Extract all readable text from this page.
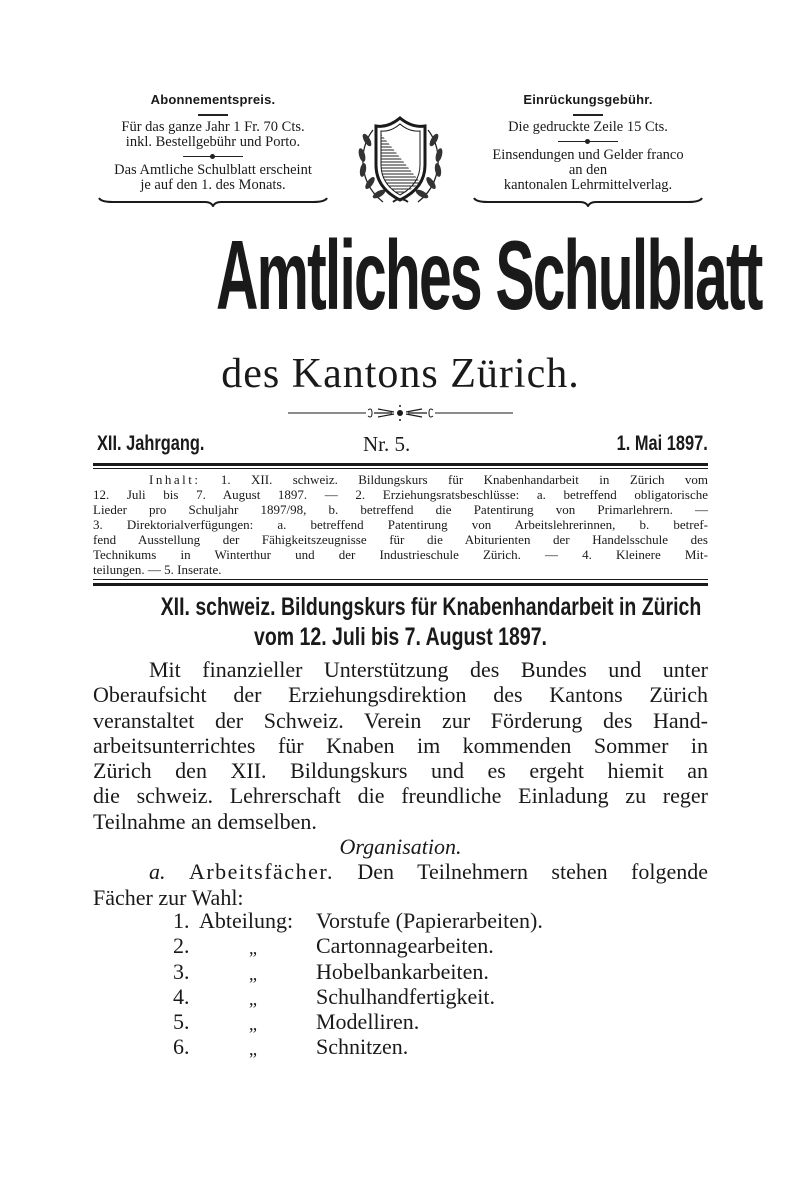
Abonnementspreis.
Für das ganze Jahr 1 Fr. 70 Cts.
inkl. Bestellgebühr und Porto.
Das Amtliche Schulblatt erscheint
je auf den 1. des Monats.
Einrückungsgebühr.
Die gedruckte Zeile 15 Cts.
Einsendungen und Gelder franco
an den
kantonalen Lehrmittelverlag.
Amtliches Schulblatt
des Kantons Zürich.
XII. Jahrgang.	Nr. 5.	1. Mai 1897.
Inhalt: 1. XII. schweiz. Bildungskurs für Knabenhandarbeit in Zürich vom
12. Juli bis 7. August 1897. — 2. Erziehungsratsbeschlüsse: a. betreffend obligatorische
Lieder pro Schuljahr 1897/98, b. betreffend die Patentirung von Primarlehrern. —
3. Direktorialverfügungen: a. betreffend Patentirung von Arbeitslehrerinnen, b. betref-
fend Ausstellung der Fähigkeitszeugnisse für die Abiturienten der Handelsschule des
Technikums in Winterthur und der Industrieschule Zürich. — 4. Kleinere Mit-
teilungen. — 5. Inserate.
XII. schweiz. Bildungskurs für Knabenhandarbeit in Zürich
vom 12. Juli bis 7. August 1897.
Mit finanzieller Unterstützung des Bundes und unter
Oberaufsicht der Erziehungsdirektion des Kantons Zürich
veranstaltet der Schweiz. Verein zur Förderung des Hand-
arbeitsunterrichtes für Knaben im kommenden Sommer in
Zürich den XII. Bildungskurs und es ergeht hiemit an
die schweiz. Lehrerschaft die freundliche Einladung zu reger
Teilnahme an demselben.
Organisation.
a. Arbeitsfächer. Den Teilnehmern stehen folgende
Fächer zur Wahl:
1. Abteilung: Vorstufe (Papierarbeiten).
2.	„	Cartonnagearbeiten.
3.	„	Hobelbankarbeiten.
4.	„	Schulhandfertigkeit.
5.	„	Modelliren.
6.	„	Schnitzen.
